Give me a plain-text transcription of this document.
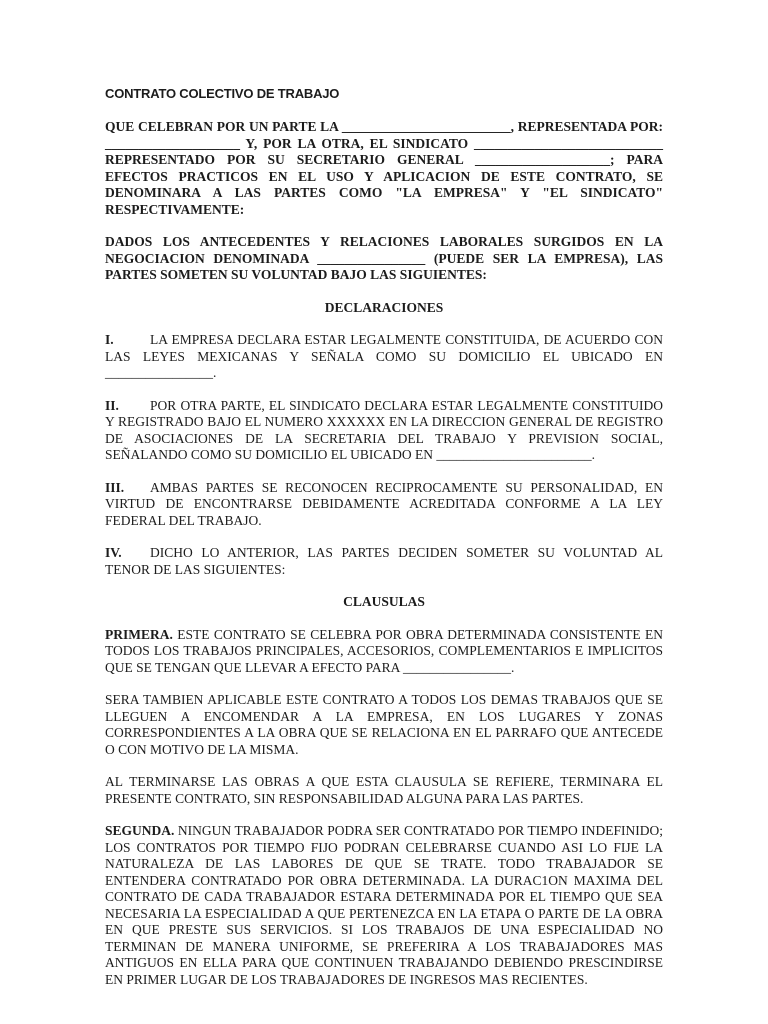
CONTRATO COLECTIVO DE TRABAJO

QUE CELEBRAN POR UN PARTE LA _________________________, REPRESENTADA POR: ____________________ Y, POR LA OTRA, EL SINDICATO ____________________________ REPRESENTADO POR SU SECRETARIO GENERAL ____________________; PARA EFECTOS PRACTICOS EN EL USO Y APLICACION DE ESTE CONTRATO, SE DENOMINARA A LAS PARTES COMO "LA EMPRESA" Y "EL SINDICATO" RESPECTIVAMENTE:

DADOS LOS ANTECEDENTES Y RELACIONES LABORALES SURGIDOS EN LA NEGOCIACION DENOMINADA ________________ (PUEDE SER LA EMPRESA), LAS PARTES SOMETEN SU VOLUNTAD BAJO LAS SIGUIENTES:

DECLARACIONES

I.	LA EMPRESA DECLARA ESTAR LEGALMENTE CONSTITUIDA, DE ACUERDO CON LAS LEYES MEXICANAS Y SEÑALA COMO SU DOMICILIO EL UBICADO EN ________________.

II. POR OTRA PARTE, EL SINDICATO DECLARA ESTAR LEGALMENTE CONSTITUIDO Y REGISTRADO BAJO EL NUMERO XXXXXX EN LA DIRECCION GENERAL DE REGISTRO DE ASOCIACIONES DE LA SECRETARIA DEL TRABAJO Y PREVISION SOCIAL, SEÑALANDO COMO SU DOMICILIO EL UBICADO EN _______________________.

III. AMBAS PARTES SE RECONOCEN RECIPROCAMENTE SU PERSONALIDAD, EN VIRTUD DE ENCONTRARSE DEBIDAMENTE ACREDITADA CONFORME A LA LEY FEDERAL DEL TRABAJO.

IV. DICHO LO ANTERIOR, LAS PARTES DECIDEN SOMETER SU VOLUNTAD AL TENOR DE LAS SIGUIENTES:

CLAUSULAS

PRIMERA. ESTE CONTRATO SE CELEBRA POR OBRA DETERMINADA CONSISTENTE EN TODOS LOS TRABAJOS PRINCIPALES, ACCESORIOS, COMPLEMENTARIOS E IMPLICITOS QUE SE TENGAN QUE LLEVAR A EFECTO PARA ________________.

SERA TAMBIEN APLICABLE ESTE CONTRATO A TODOS LOS DEMAS TRABAJOS QUE SE LLEGUEN A ENCOMENDAR A LA EMPRESA, EN LOS LUGARES Y ZONAS CORRESPONDIENTES A LA OBRA QUE SE RELACIONA EN EL PARRAFO QUE ANTECEDE O CON MOTIVO DE LA MISMA.

AL TERMINARSE LAS OBRAS A QUE ESTA CLAUSULA SE REFIERE, TERMINARA EL PRESENTE CONTRATO, SIN RESPONSABILIDAD ALGUNA PARA LAS PARTES.

SEGUNDA. NINGUN TRABAJADOR PODRA SER CONTRATADO POR TIEMPO INDEFINIDO; LOS CONTRATOS POR TIEMPO FIJO PODRAN CELEBRARSE CUANDO ASI LO FIJE LA NATURALEZA DE LAS LABORES DE QUE SE TRATE. TODO TRABAJADOR SE ENTENDERA CONTRATADO POR OBRA DETERMINADA. LA DURAC1ON MAXIMA DEL CONTRATO DE CADA TRABAJADOR ESTARA DETERMINADA POR EL TIEMPO QUE SEA NECESARIA LA ESPECIALIDAD A QUE PERTENEZCA EN LA ETAPA O PARTE DE LA OBRA EN QUE PRESTE SUS SERVICIOS. SI LOS TRABAJOS DE UNA ESPECIALIDAD NO TERMINAN DE MANERA UNIFORME, SE PREFERIRA A LOS TRABAJADORES MAS ANTIGUOS EN ELLA PARA QUE CONTINUEN TRABAJANDO DEBIENDO PRESCINDIRSE EN PRIMER LUGAR DE LOS TRABAJADORES DE INGRESOS MAS RECIENTES.
